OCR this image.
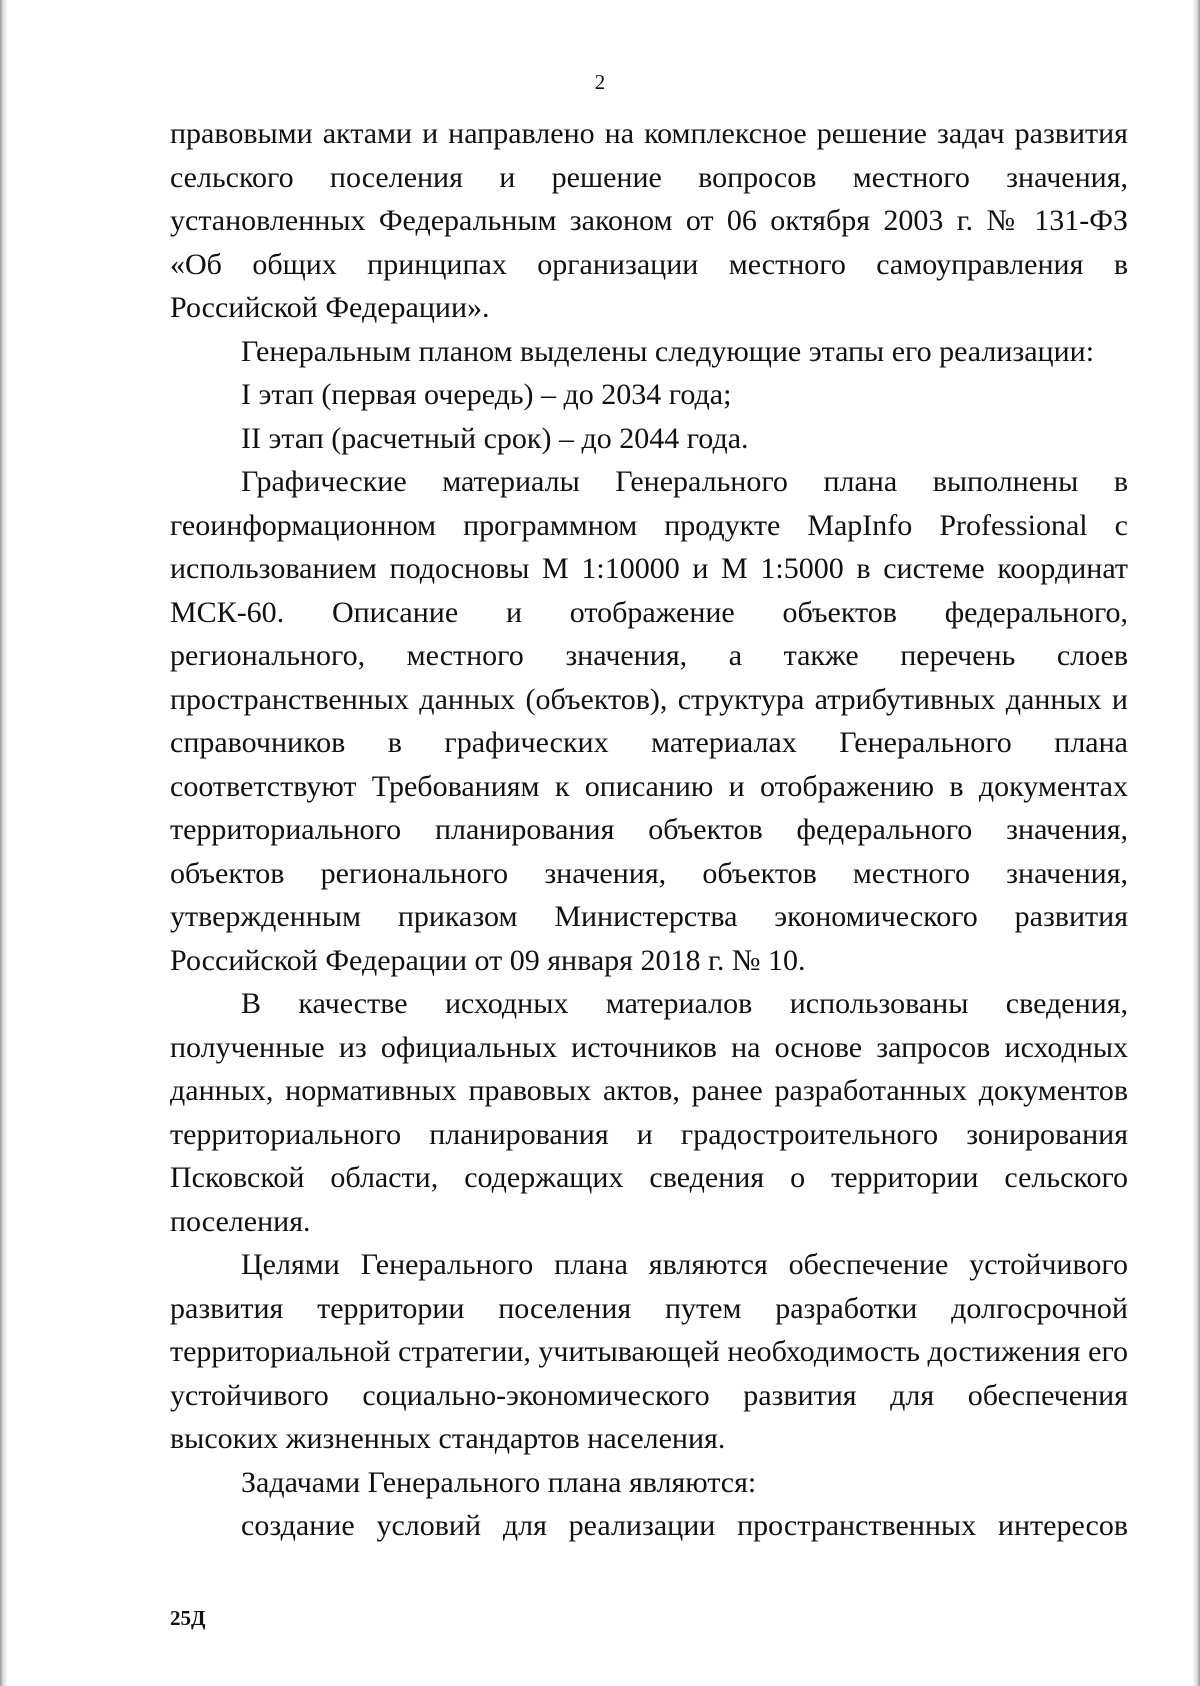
2

правовыми актами и направлено на комплексное решение задач развития сельского поселения и решение вопросов местного значения, установленных Федеральным законом от 06 октября 2003 г. № 131-ФЗ «Об общих принципах организации местного самоуправления в Российской Федерации».

Генеральным планом выделены следующие этапы его реализации:

I этап (первая очередь) – до 2034 года;

II этап (расчетный срок) – до 2044 года.

Графические материалы Генерального плана выполнены в геоинформационном программном продукте MapInfo Professional с использованием подосновы М 1:10000 и М 1:5000 в системе координат МСК-60. Описание и отображение объектов федерального, регионального, местного значения, а также перечень слоев пространственных данных (объектов), структура атрибутивных данных и справочников в графических материалах Генерального плана соответствуют Требованиям к описанию и отображению в документах территориального планирования объектов федерального значения, объектов регионального значения, объектов местного значения, утвержденным приказом Министерства экономического развития Российской Федерации от 09 января 2018 г. № 10.

В качестве исходных материалов использованы сведения, полученные из официальных источников на основе запросов исходных данных, нормативных правовых актов, ранее разработанных документов территориального планирования и градостроительного зонирования Псковской области, содержащих сведения о территории сельского поселения.

Целями Генерального плана являются обеспечение устойчивого развития территории поселения путем разработки долгосрочной территориальной стратегии, учитывающей необходимость достижения его устойчивого социально-экономического развития для обеспечения высоких жизненных стандартов населения.

Задачами Генерального плана являются:

создание условий для реализации пространственных интересов

25Д
